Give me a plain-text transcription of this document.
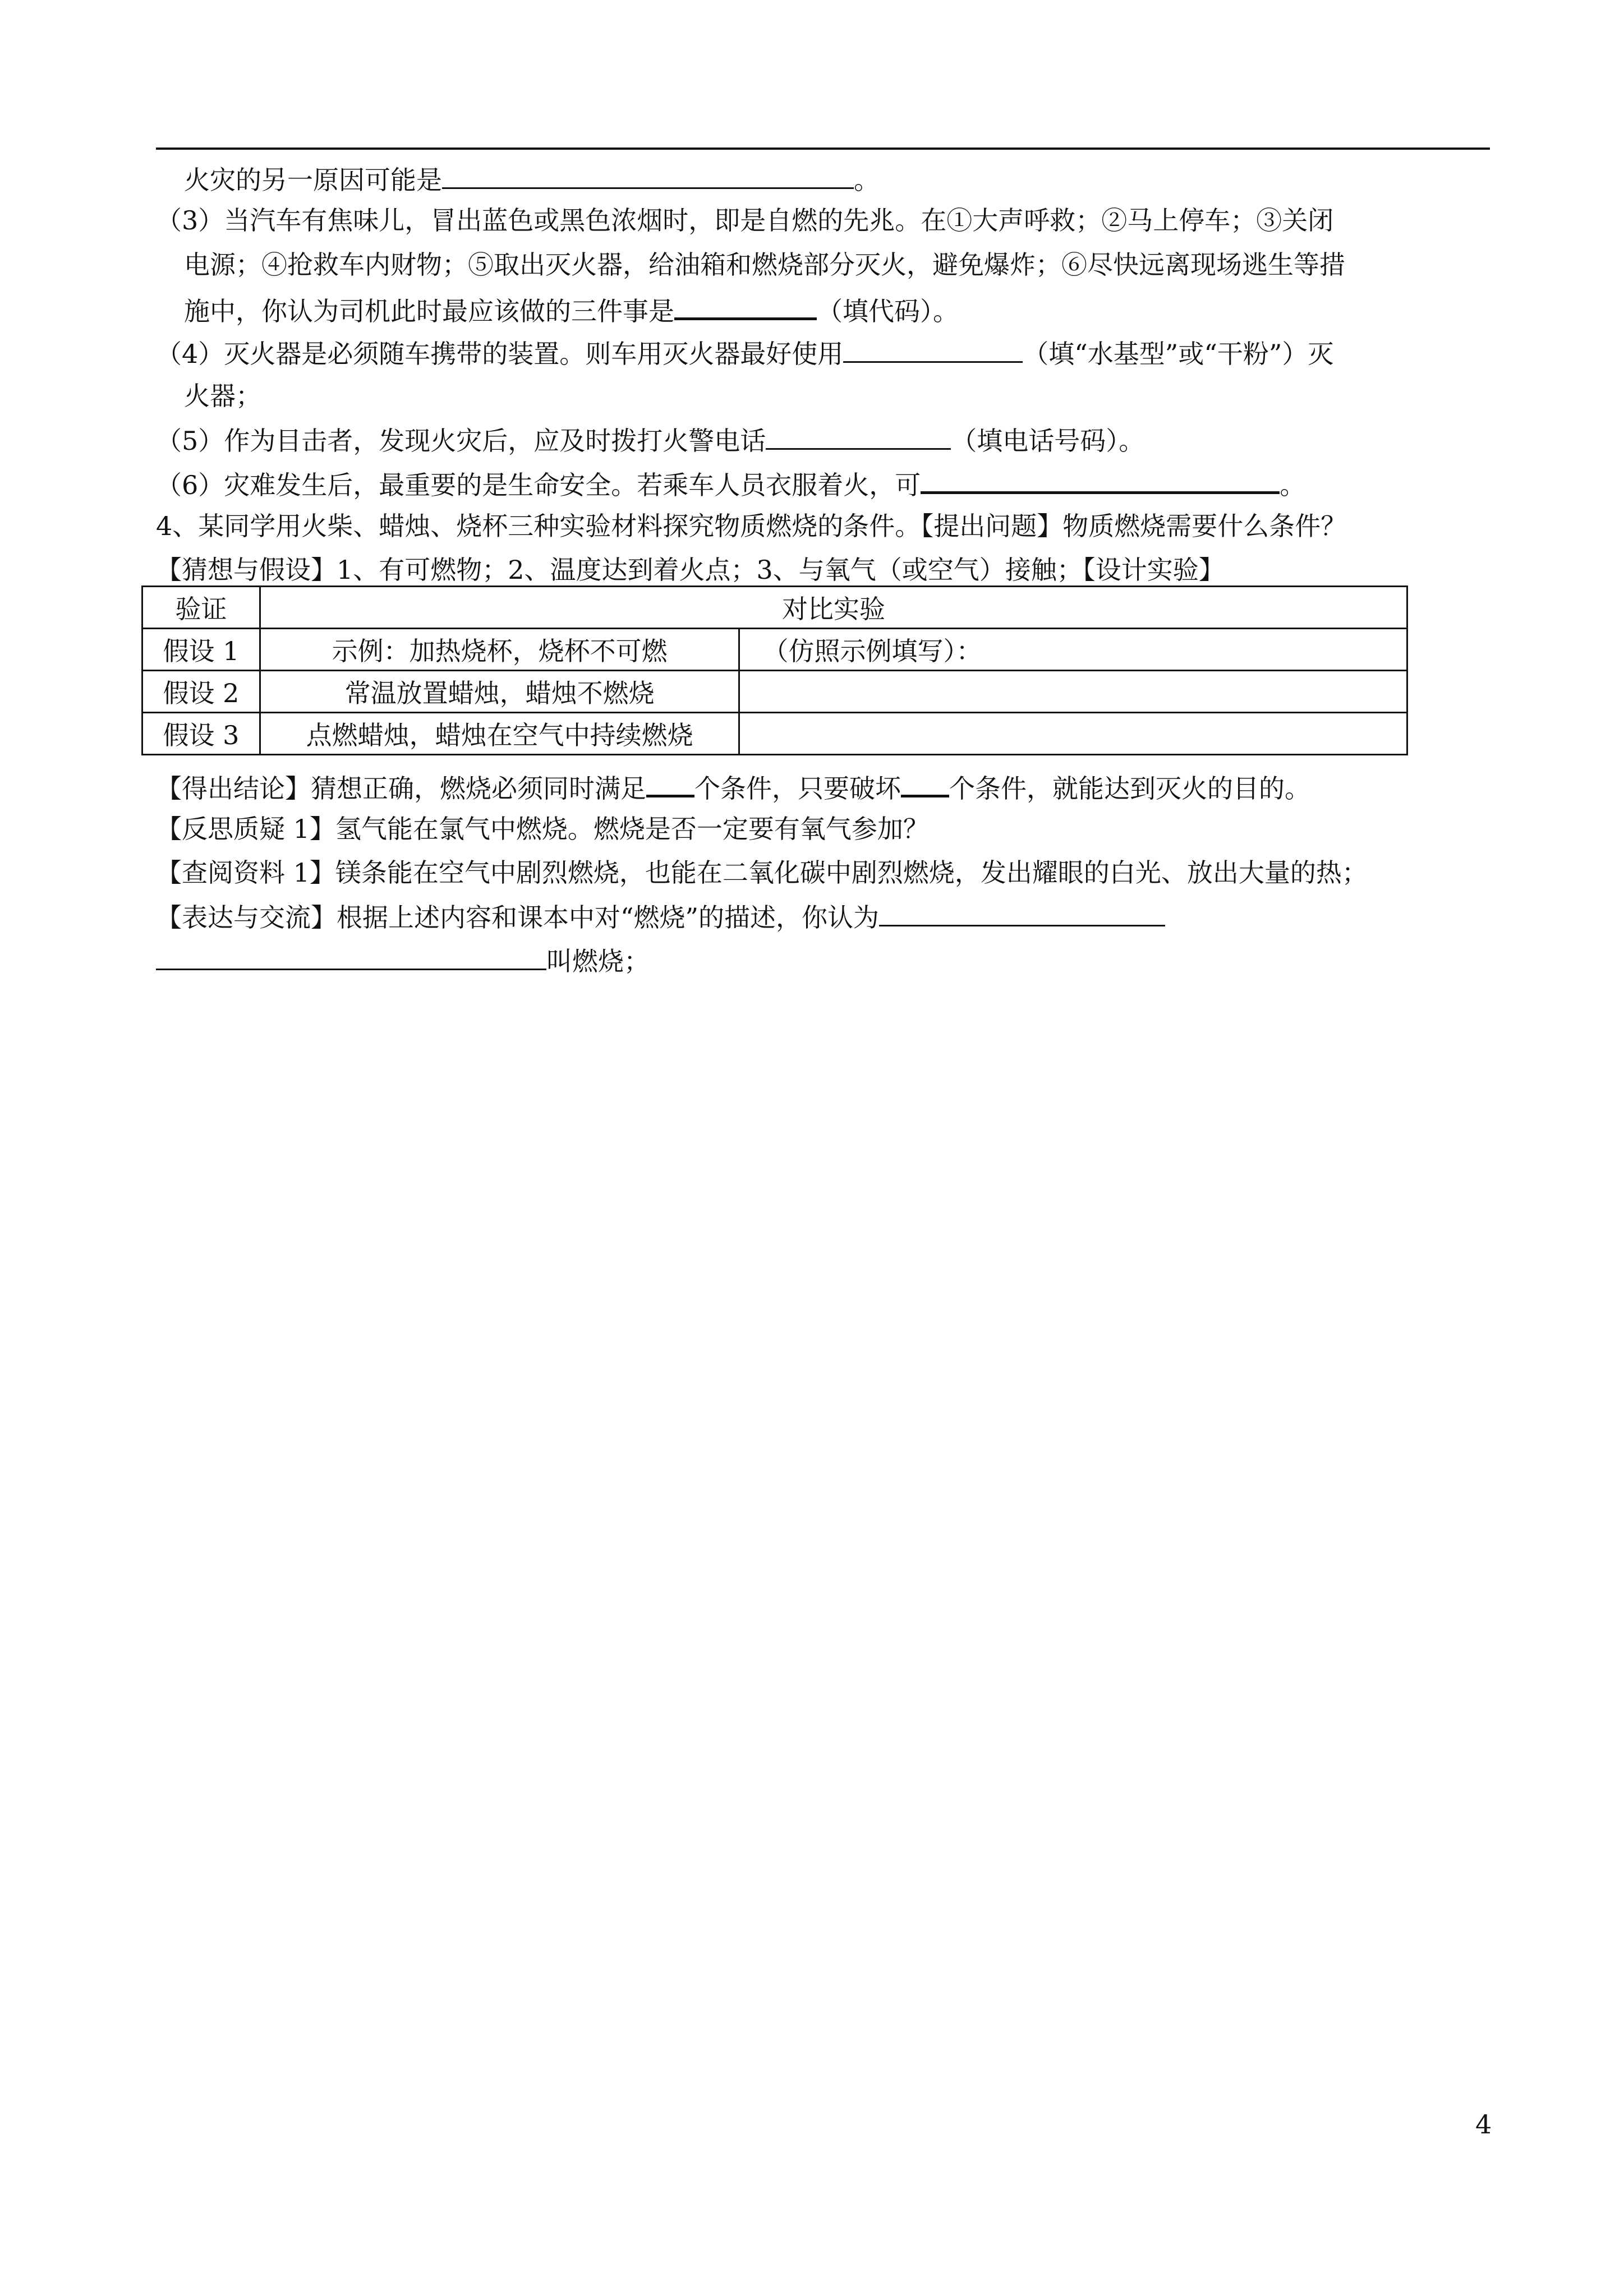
火灾的另一原因可能是	。
（3）当汽车有焦味儿，冒出蓝色或黑色浓烟时，即是自燃的先兆。在①大声呼救；②马上停车；③关闭
电源；④抢救车内财物；⑤取出灭火器，给油箱和燃烧部分灭火，避免爆炸；⑥尽快远离现场逃生等措
施中，你认为司机此时最应该做的三件事是	（填代码）。
（4）灭火器是必须随车携带的装置。则车用灭火器最好使用	（填“水基型”或“干粉”）灭
火器；
（5）作为目击者，发现火灾后，应及时拨打火警电话	（填电话号码）。
（6）灾难发生后，最重要的是生命安全。若乘车人员衣服着火，可	。
4、某同学用火柴、蜡烛、烧杯三种实验材料探究物质燃烧的条件。【提出问题】物质燃烧需要什么条件？
【猜想与假设】1、有可燃物；2、温度达到着火点；3、与氧气（或空气）接触；【设计实验】
验证	对比实验	
假设 1	示例：加热烧杯，烧杯不可燃	（仿照示例填写）：
假设 2	常温放置蜡烛，蜡烛不燃烧	
假设 3	点燃蜡烛，蜡烛在空气中持续燃烧	
【得出结论】猜想正确，燃烧必须同时满足 个条件，只要破坏 个条件，就能达到灭火的目的。
【反思质疑 1】氢气能在氯气中燃烧。燃烧是否一定要有氧气参加？
【查阅资料 1】镁条能在空气中剧烈燃烧，也能在二氧化碳中剧烈燃烧，发出耀眼的白光、放出大量的热；
【表达与交流】根据上述内容和课本中对“燃烧”的描述，你认为
叫燃烧；
4
